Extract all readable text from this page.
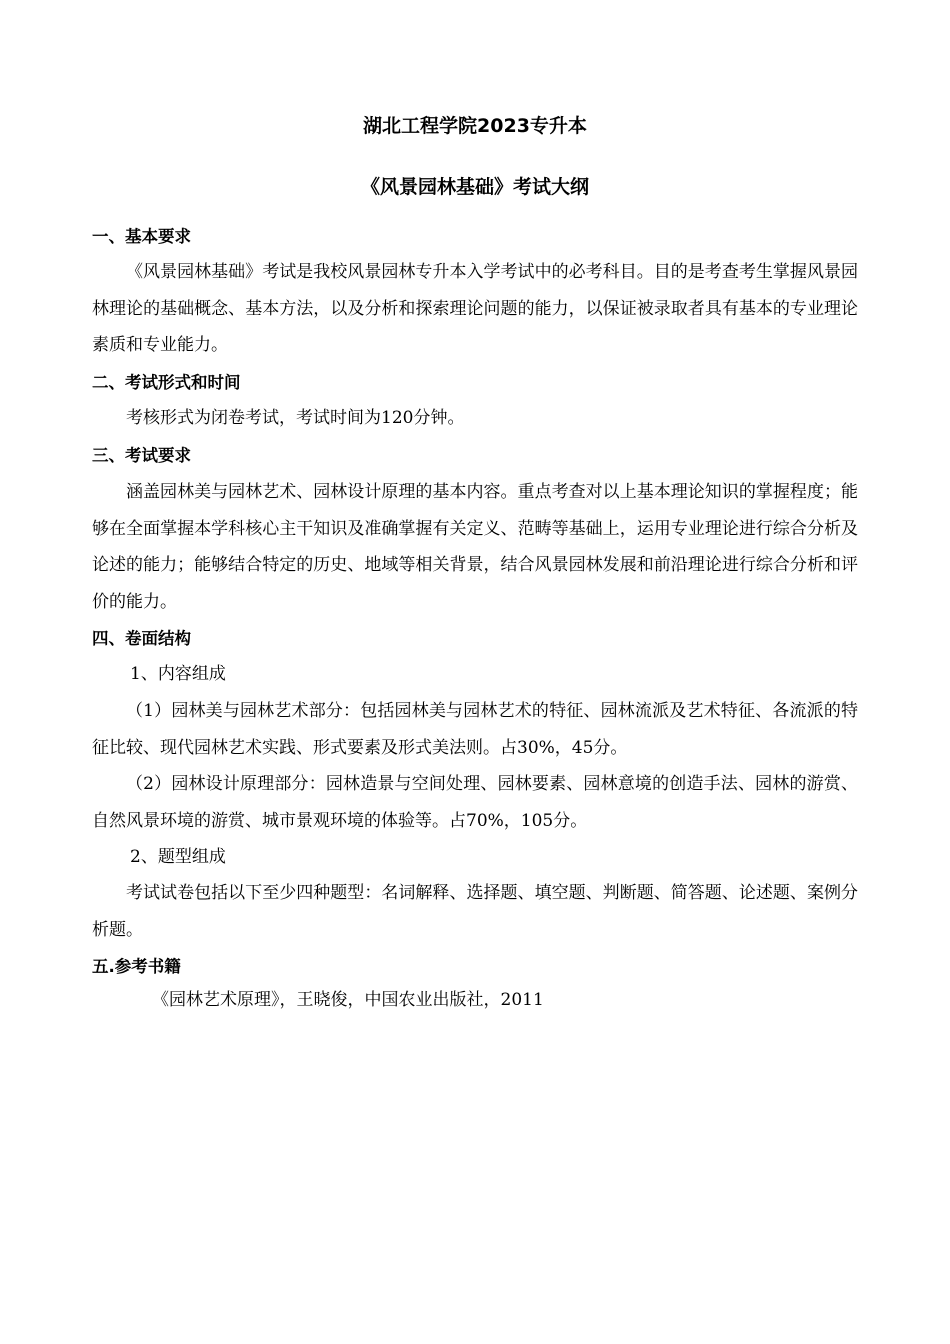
湖北工程学院2023专升本
《风景园林基础》考试大纲
一、基本要求

《风景园林基础》考试是我校风景园林专升本入学考试中的必考科目。目的是考查考生掌握风景园林理论的基础概念、基本方法，以及分析和探索理论问题的能力，以保证被录取者具有基本的专业理论素质和专业能力。

二、考试形式和时间
考核形式为闭卷考试，考试时间为120分钟。
三、考试要求

涵盖园林美与园林艺术、园林设计原理的基本内容。重点考查对以上基本理论知识的掌握程度；能够在全面掌握本学科核心主干知识及准确掌握有关定义、范畴等基础上，运用专业理论进行综合分析及论述的能力；能够结合特定的历史、地域等相关背景，结合风景园林发展和前沿理论进行综合分析和评价的能力。

四、卷面结构
1、内容组成

（1）园林美与园林艺术部分：包括园林美与园林艺术的特征、园林流派及艺术特征、各流派的特征比较、现代园林艺术实践、形式要素及形式美法则。占30%，45分。

（2）园林设计原理部分：园林造景与空间处理、园林要素、园林意境的创造手法、园林的游赏、自然风景环境的游赏、城市景观环境的体验等。占70%，105分。

2、题型组成

考试试卷包括以下至少四种题型：名词解释、选择题、填空题、判断题、简答题、论述题、案例分析题。

五.参考书籍
《园林艺术原理》，王晓俊，中国农业出版社，2011
